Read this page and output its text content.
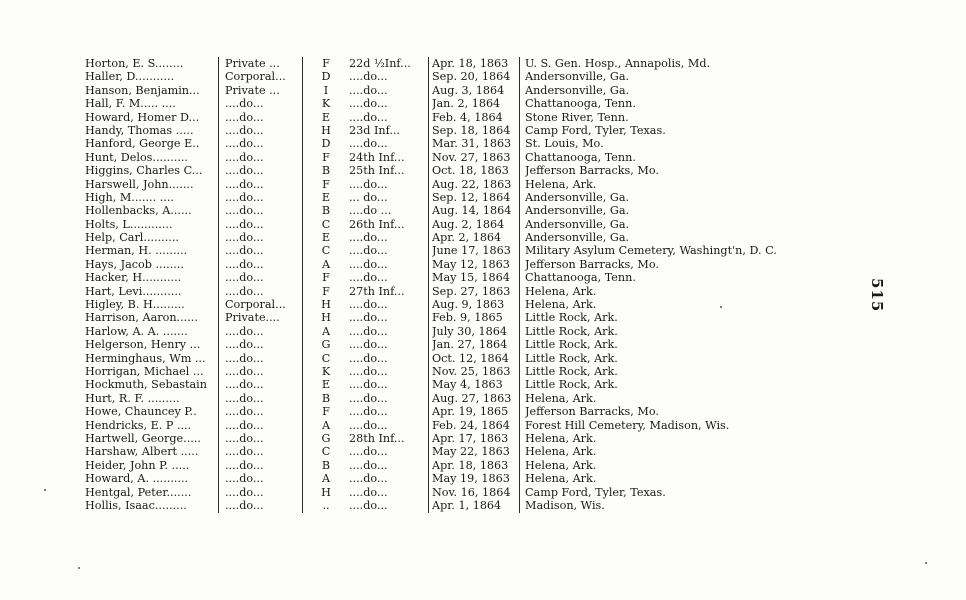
Horton, E. S........	Private ...	F	22d ½Inf...	Apr. 18, 1863	U. S. Gen. Hosp., Annapolis, Md.
Haller, D...........	Corporal...	D	....do...	Sep. 20, 1864	Andersonville, Ga.
Hanson, Benjamin...	Private ...	I	....do...	Aug. 3, 1864	Andersonville, Ga.
Hall, F. M..... ....	....do...	K	....do...	Jan. 2, 1864	Chattanooga, Tenn.
Howard, Homer D...	....do...	E	....do...	Feb. 4, 1864	Stone River, Tenn.
Handy, Thomas .....	....do...	H	23d Inf...	Sep. 18, 1864	Camp Ford, Tyler, Texas.
Hanford, George E..	....do...	D	....do...	Mar. 31, 1863	St. Louis, Mo.
Hunt, Delos..........	....do...	F	24th Inf...	Nov. 27, 1863	Chattanooga, Tenn.
Higgins, Charles C...	....do...	B	25th Inf...	Oct. 18, 1863	Jefferson Barracks, Mo.
Harswell, John.......	....do...	F	....do...	Aug. 22, 1863	Helena, Ark.
High, M....... ....	....do...	E	... do...	Sep. 12, 1864	Andersonville, Ga.
Hollenbacks, A......	....do...	B	....do ...	Aug. 14, 1864	Andersonville, Ga.
Holts, L............	....do...	C	26th Inf...	Aug. 2, 1864	Andersonville, Ga.
Help, Carl..........	....do...	E	....do...	Apr. 2, 1864	Andersonville, Ga.
Herman, H. .........	....do...	C	....do...	June 17, 1863	Military Asylum Cemetery, Washingt'n, D. C.
Hays, Jacob ........	....do...	A	....do...	May 12, 1863	Jefferson Barracks, Mo.
Hacker, H...........	....do...	F	....do...	May 15, 1864	Chattanooga, Tenn.
Hart, Levi...........	....do...	F	27th Inf...	Sep. 27, 1863	Helena, Ark.
Higley, B. H.........	Corporal...	H	....do...	Aug. 9, 1863	Helena, Ark.
Harrison, Aaron......	Private....	H	....do...	Feb. 9, 1865	Little Rock, Ark.
Harlow, A. A. .......	....do...	A	....do...	July 30, 1864	Little Rock, Ark.
Helgerson, Henry ...	....do...	G	....do...	Jan. 27, 1864	Little Rock, Ark.
Herminghaus, Wm ...	....do...	C	....do...	Oct. 12, 1864	Little Rock, Ark.
Horrigan, Michael ...	....do...	K	....do...	Nov. 25, 1863	Little Rock, Ark.
Hockmuth, Sebastain	....do...	E	....do...	May 4, 1863	Little Rock, Ark.
Hurt, R. F. .........	....do...	B	....do...	Aug. 27, 1863	Helena, Ark.
Howe, Chauncey P..	....do...	F	....do...	Apr. 19, 1865	Jefferson Barracks, Mo.
Hendricks, E. P ....	....do...	A	....do...	Feb. 24, 1864	Forest Hill Cemetery, Madison, Wis.
Hartwell, George.....	....do...	G	28th Inf...	Apr. 17, 1863	Helena, Ark.
Harshaw, Albert .....	....do...	C	....do...	May 22, 1863	Helena, Ark.
Heider, John P. .....	....do...	B	....do...	Apr. 18, 1863	Helena, Ark.
Howard, A. ..........	....do...	A	....do...	May 19, 1863	Helena, Ark.
Hentgal, Peter.......	....do...	H	....do...	Nov. 16, 1864	Camp Ford, Tyler, Texas.
Hollis, Isaac.........	....do...	..	....do...	Apr. 1, 1864	Madison, Wis.
515
